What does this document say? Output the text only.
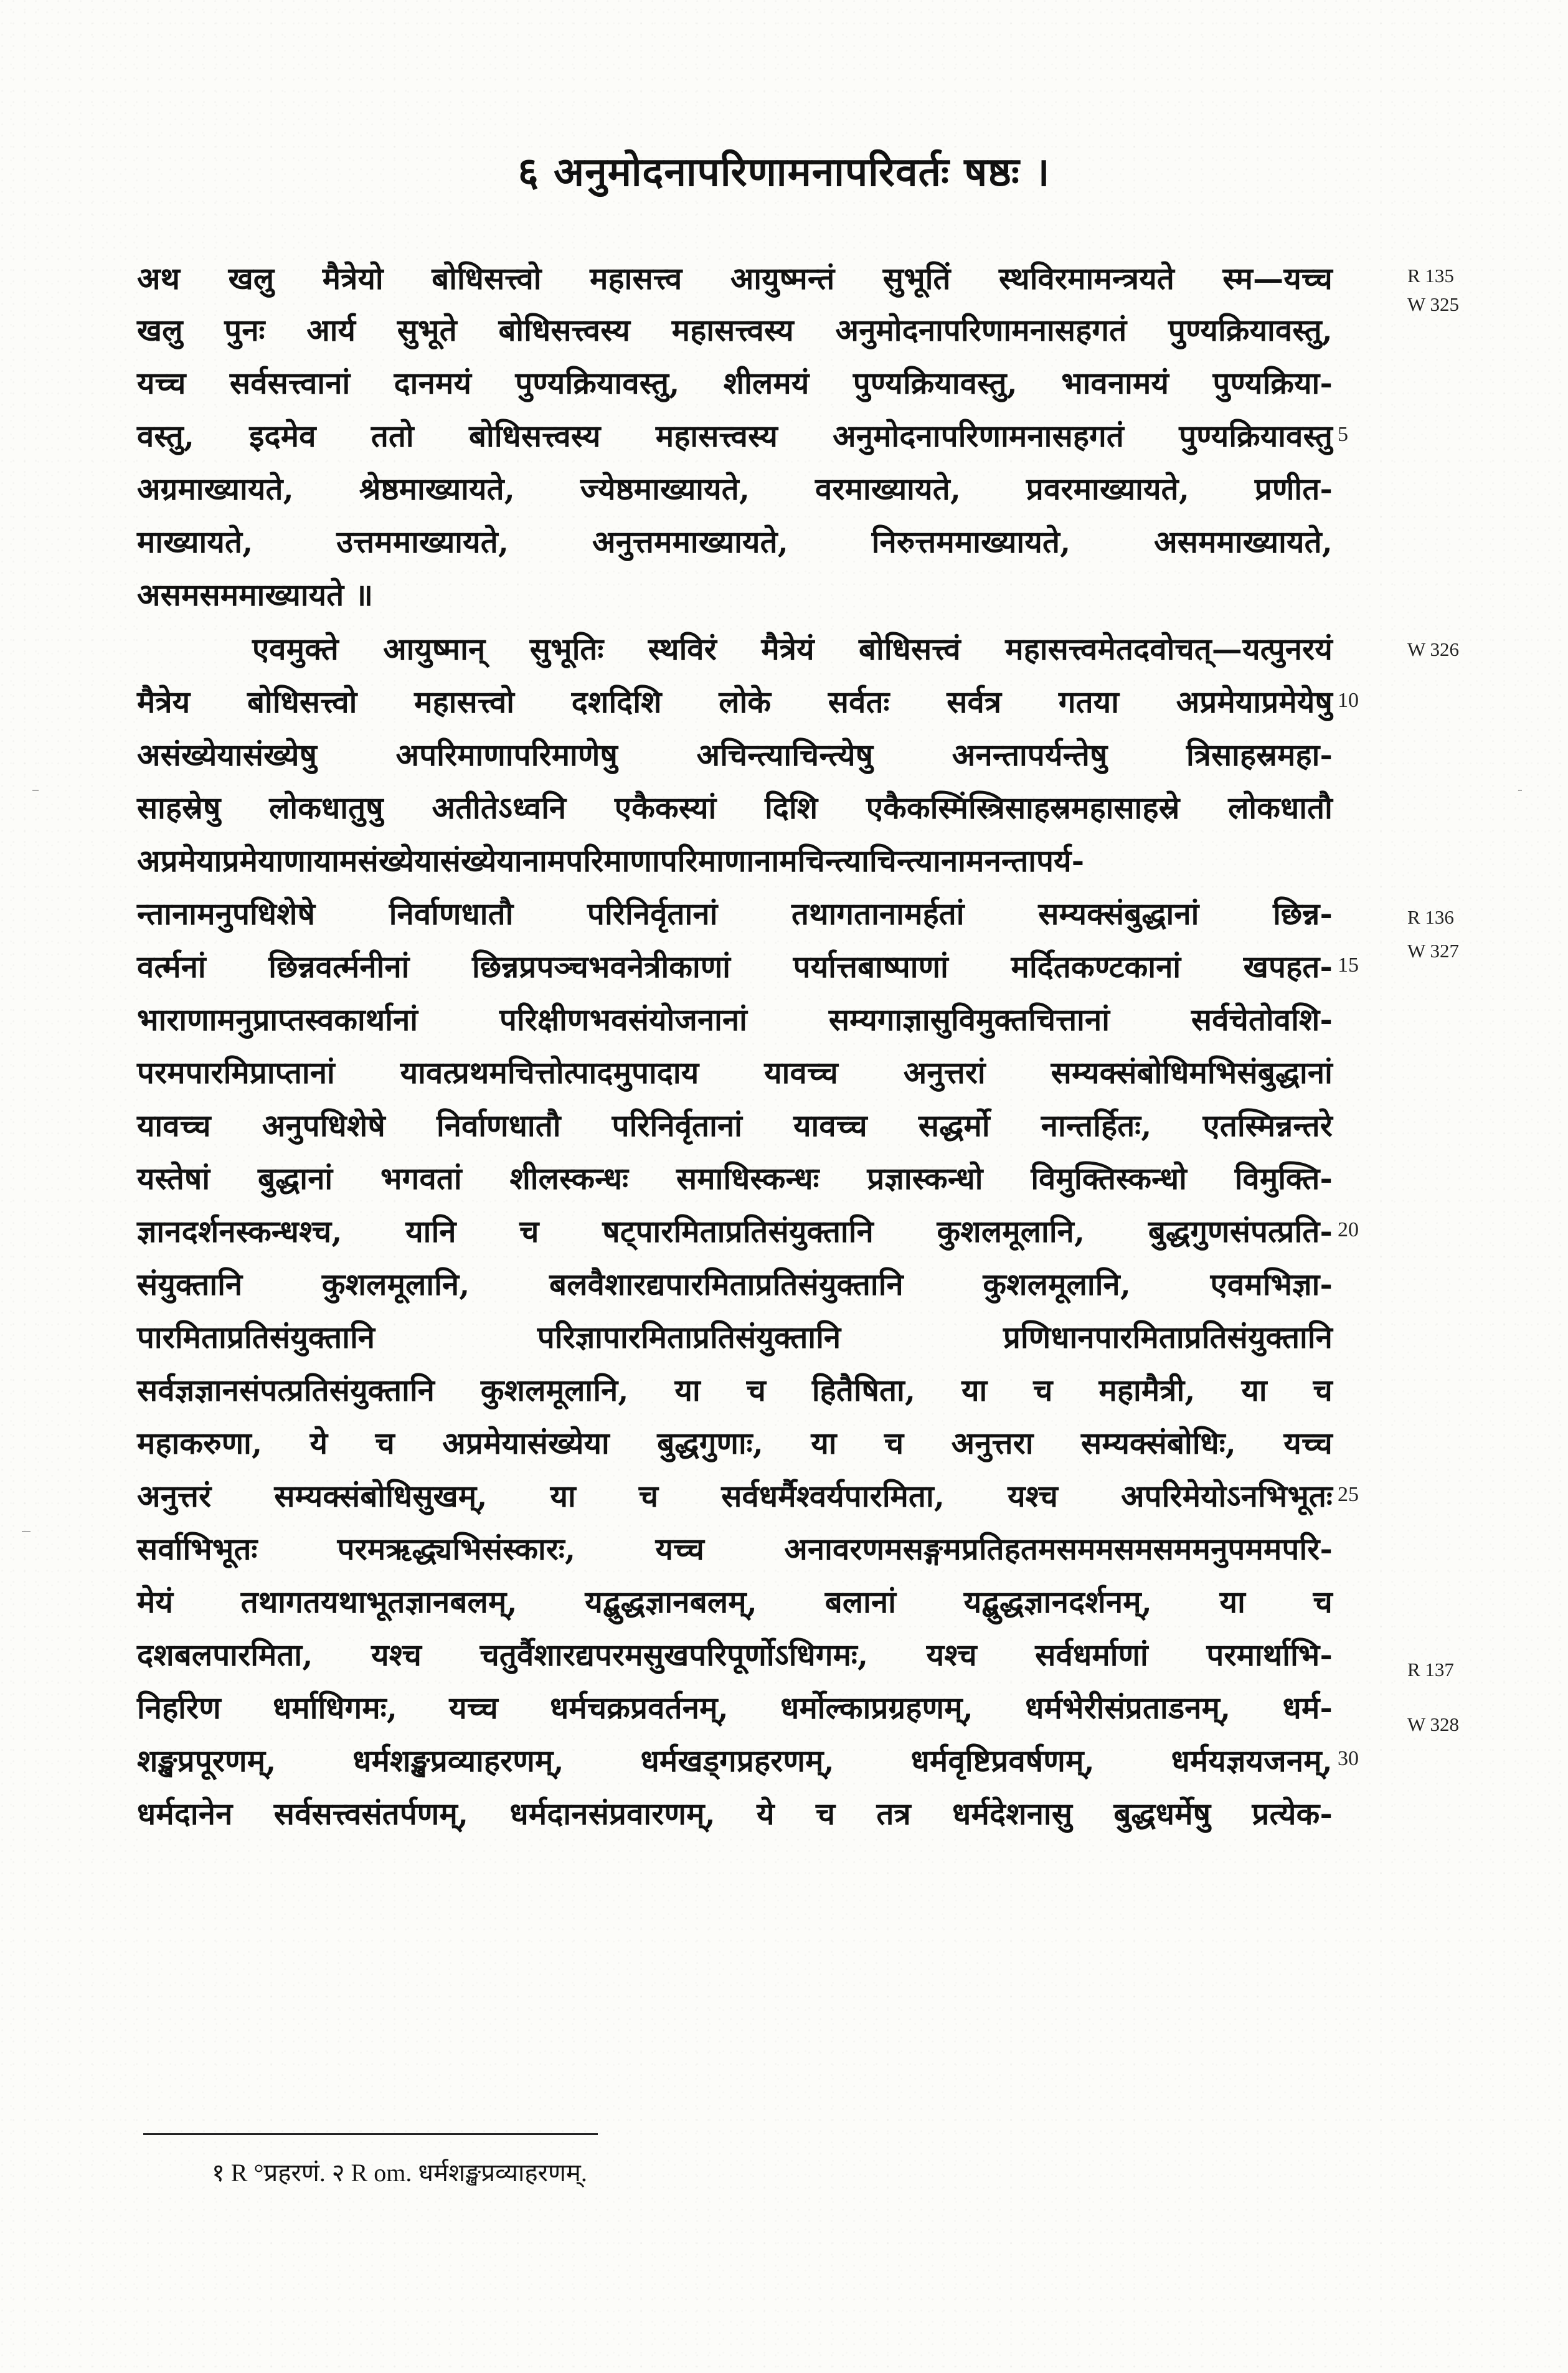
६ अनुमोदनापरिणामनापरिवर्तः षष्ठः ।
अथ खलु मैत्रेयो बोधिसत्त्वो महासत्त्व आयुष्मन्तं सुभूतिं स्थविरमामन्त्रयते स्म—यच्च
खलु पुनः आर्य सुभूते बोधिसत्त्वस्य महासत्त्वस्य अनुमोदनापरिणामनासहगतं पुण्यक्रियावस्तु,
यच्च सर्वसत्त्वानां दानमयं पुण्यक्रियावस्तु, शीलमयं पुण्यक्रियावस्तु, भावनामयं पुण्यक्रिया-
वस्तु, इदमेव ततो बोधिसत्त्वस्य महासत्त्वस्य अनुमोदनापरिणामनासहगतं पुण्यक्रियावस्तु
अग्रमाख्यायते, श्रेष्ठमाख्यायते, ज्येष्ठमाख्यायते, वरमाख्यायते, प्रवरमाख्यायते, प्रणीत-
माख्यायते, उत्तममाख्यायते, अनुत्तममाख्यायते, निरुत्तममाख्यायते, असममाख्यायते,
असमसममाख्यायते ॥
एवमुक्ते आयुष्मान् सुभूतिः स्थविरं मैत्रेयं बोधिसत्त्वं महासत्त्वमेतदवोचत्—यत्पुनरयं
मैत्रेय बोधिसत्त्वो महासत्त्वो दशदिशि लोके सर्वतः सर्वत्र गतया अप्रमेयाप्रमेयेषु
असंख्येयासंख्येषु अपरिमाणापरिमाणेषु अचिन्त्याचिन्त्येषु अनन्तापर्यन्तेषु त्रिसाहस्रमहा-
साहस्रेषु लोकधातुषु अतीतेऽध्वनि एकैकस्यां दिशि एकैकस्मिंस्त्रिसाहस्रमहासाहस्रे लोकधातौ
अप्रमेयाप्रमेयाणायामसंख्येयासंख्येयानामपरिमाणापरिमाणानामचिन्त्याचिन्त्यानामनन्तापर्य-
न्तानामनुपधिशेषे निर्वाणधातौ परिनिर्वृतानां तथागतानामर्हतां सम्यक्संबुद्धानां छिन्न-
वर्त्मनां छिन्नवर्त्मनीनां छिन्नप्रपञ्चभवनेत्रीकाणां पर्यात्तबाष्पाणां मर्दितकण्टकानां खपहत-
भाराणामनुप्राप्तस्वकार्थानां परिक्षीणभवसंयोजनानां सम्यगाज्ञासुविमुक्तचित्तानां सर्वचेतोवशि-
परमपारमिप्राप्तानां यावत्प्रथमचित्तोत्पादमुपादाय यावच्च अनुत्तरां सम्यक्संबोधिमभिसंबुद्धानां
यावच्च अनुपधिशेषे निर्वाणधातौ परिनिर्वृतानां यावच्च सद्धर्मो नान्तर्हितः, एतस्मिन्नन्तरे
यस्तेषां बुद्धानां भगवतां शीलस्कन्धः समाधिस्कन्धः प्रज्ञास्कन्धो विमुक्तिस्कन्धो विमुक्ति-
ज्ञानदर्शनस्कन्धश्च, यानि च षट्पारमिताप्रतिसंयुक्तानि कुशलमूलानि, बुद्धगुणसंपत्प्रति-
संयुक्तानि कुशलमूलानि, बलवैशारद्यपारमिताप्रतिसंयुक्तानि कुशलमूलानि, एवमभिज्ञा-
पारमिताप्रतिसंयुक्तानि परिज्ञापारमिताप्रतिसंयुक्तानि प्रणिधानपारमिताप्रतिसंयुक्तानि
सर्वज्ञज्ञानसंपत्प्रतिसंयुक्तानि कुशलमूलानि, या च हितैषिता, या च महामैत्री, या च
महाकरुणा, ये च अप्रमेयासंख्येया बुद्धगुणाः, या च अनुत्तरा सम्यक्संबोधिः, यच्च
अनुत्तरं सम्यक्संबोधिसुखम्, या च सर्वधर्मैश्वर्यपारमिता, यश्च अपरिमेयोऽनभिभूतः
सर्वाभिभूतः परमऋद्ध्यभिसंस्कारः, यच्च अनावरणमसङ्गमप्रतिहतमसममसमसममनुपममपरि-
मेयं तथागतयथाभूतज्ञानबलम्, यद्बुद्धज्ञानबलम्, बलानां यद्बुद्धज्ञानदर्शनम्, या च
दशबलपारमिता, यश्च चतुर्वैशारद्यपरमसुखपरिपूर्णोऽधिगमः, यश्च सर्वधर्माणां परमार्थाभि-
निर्हारेण धर्माधिगमः, यच्च धर्मचक्रप्रवर्तनम्, धर्मोल्काप्रग्रहणम्, धर्मभेरीसंप्रताडनम्, धर्म-
शङ्खप्रपूरणम्, धर्मशङ्खप्रव्याहरणम्, धर्मखड्गप्रहरणम्, धर्मवृष्टिप्रवर्षणम्, धर्मयज्ञयजनम्,
धर्मदानेन सर्वसत्त्वसंतर्पणम्, धर्मदानसंप्रवारणम्, ये च तत्र धर्मदेशनासु बुद्धधर्मेषु प्रत्येक-
5
10
15
20
25
30
R 135
W 325
W 326
R 136
W 327
R 137
W 328
१ R °प्रहरणं. २ R om. धर्मशङ्खप्रव्याहरणम्.
